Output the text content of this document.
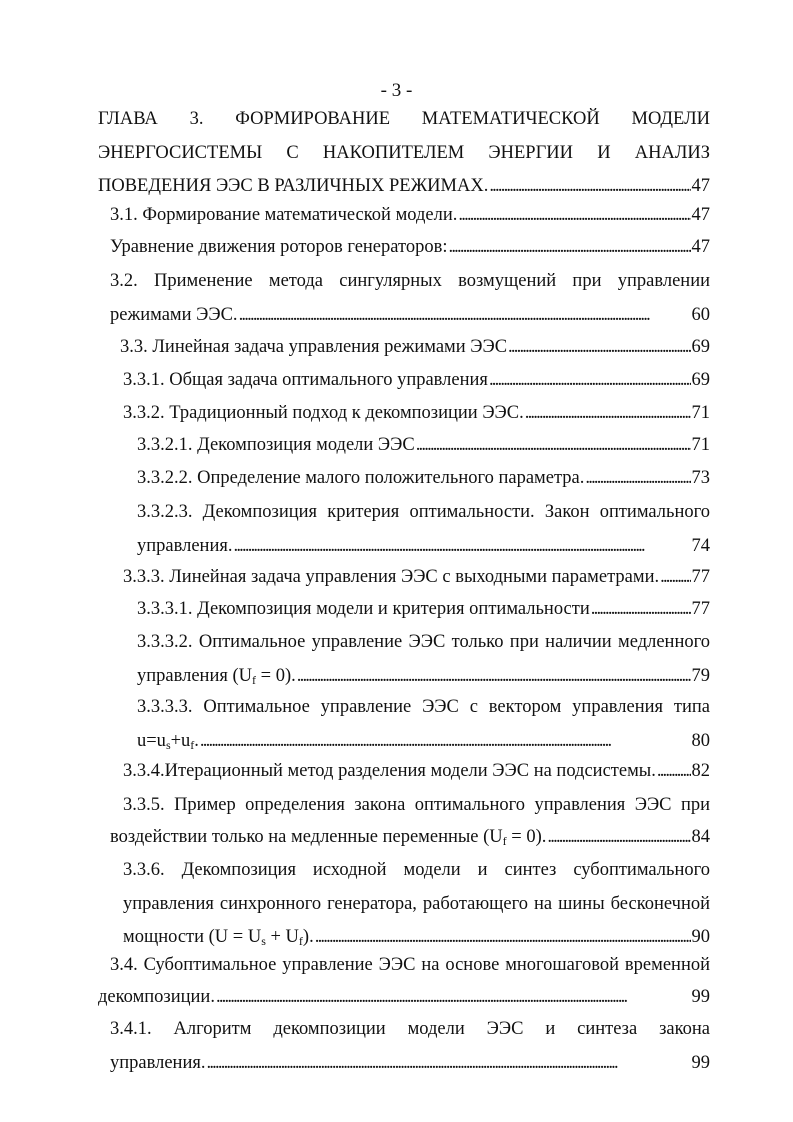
- 3 -
ГЛАВА 3. ФОРМИРОВАНИЕ МАТЕМАТИЧЕСКОЙ МОДЕЛИ
ЭНЕРГОСИСТЕМЫ С НАКОПИТЕЛЕМ ЭНЕРГИИ И АНАЛИЗ
ПОВЕДЕНИЯ ЭЭС В РАЗЛИЧНЫХ РЕЖИМАХ. . . .	47
3.1. Формирование математической модели. . . .	47
Уравнение движения роторов генераторов: . . .	47
3.2. Применение метода сингулярных возмущений при управлении
режимами ЭЭС. . . .	60
3.3. Линейная задача управления режимами ЭЭС . . .	69
3.3.1. Общая задача оптимального управления . . .	69
3.3.2. Традиционный подход к декомпозиции ЭЭС. . . .	71
3.3.2.1. Декомпозиция модели ЭЭС . . .	71
3.3.2.2. Определение малого положительного параметра. . . .	73
3.3.2.3. Декомпозиция критерия оптимальности. Закон оптимального
управления. . . .	74
3.3.3. Линейная задача управления ЭЭС с выходными параметрами. . . . 77
3.3.3.1. Декомпозиция модели и критерия оптимальности . . .	77
3.3.3.2. Оптимальное управление ЭЭС только при наличии медленного
управления $(U_f = 0)$. . . .	79
3.3.3.3. Оптимальное управление ЭЭС с вектором управления типа
$u=u_s+u_f$. . . .	80
3.3.4.Итерационный метод разделения модели ЭЭС на подсистемы. . . . 82
3.3.5. Пример определения закона оптимального управления ЭЭС при
воздействии только на медленные переменные $(U_f = 0)$. . . .	84
3.3.6. Декомпозиция исходной модели и синтез субоптимального
управления синхронного генератора, работающего на шины бесконечной
мощности $(U = U_s + U_f)$. . . .	90
3.4. Субоптимальное управление ЭЭС на основе многошаговой временной
декомпозиции. . . .	99
3.4.1. Алгоритм декомпозиции модели ЭЭС и синтеза закона
управления. . . .	99
